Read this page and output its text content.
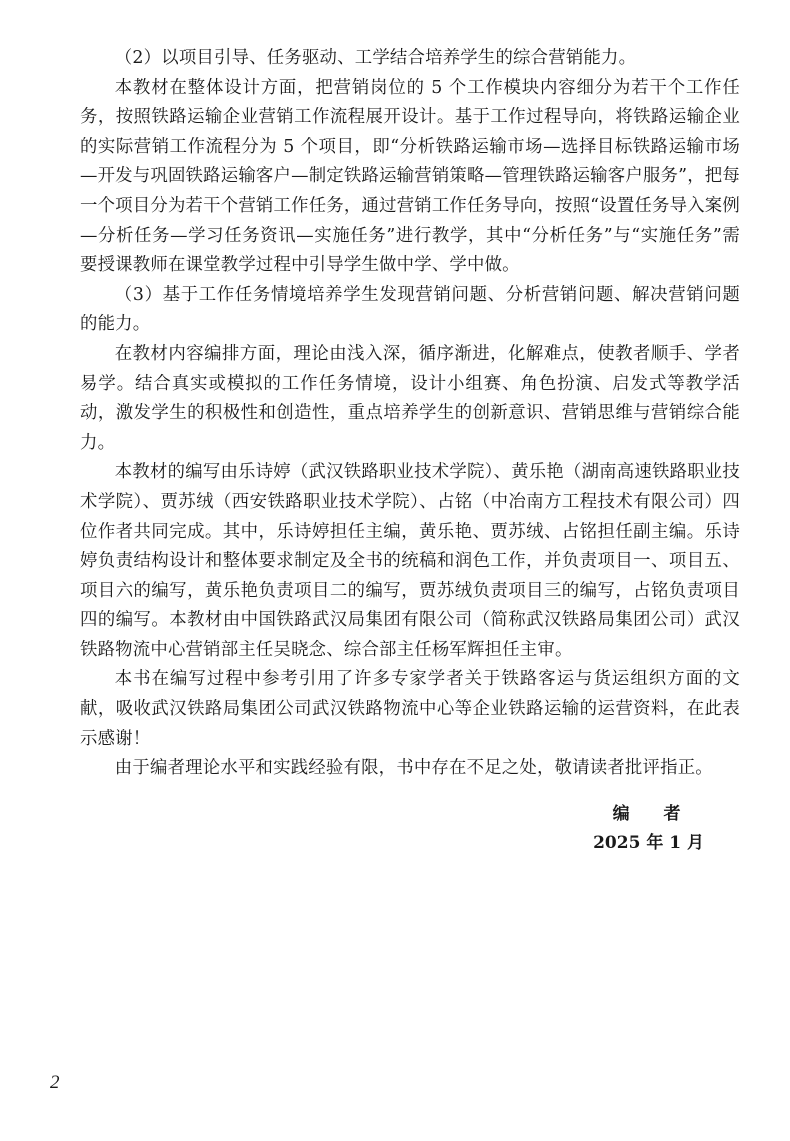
（2）以项目引导、任务驱动、工学结合培养学生的综合营销能力。

本教材在整体设计方面，把营销岗位的 5 个工作模块内容细分为若干个工作任务，按照铁路运输企业营销工作流程展开设计。基于工作过程导向，将铁路运输企业的实际营销工作流程分为 5 个项目，即“分析铁路运输市场—选择目标铁路运输市场—开发与巩固铁路运输客户—制定铁路运输营销策略—管理铁路运输客户服务”，把每一个项目分为若干个营销工作任务，通过营销工作任务导向，按照“设置任务导入案例—分析任务—学习任务资讯—实施任务”进行教学，其中“分析任务”与“实施任务”需要授课教师在课堂教学过程中引导学生做中学、学中做。

（3）基于工作任务情境培养学生发现营销问题、分析营销问题、解决营销问题的能力。

在教材内容编排方面，理论由浅入深，循序渐进，化解难点，使教者顺手、学者易学。结合真实或模拟的工作任务情境，设计小组赛、角色扮演、启发式等教学活动，激发学生的积极性和创造性，重点培养学生的创新意识、营销思维与营销综合能力。

本教材的编写由乐诗婷（武汉铁路职业技术学院）、黄乐艳（湖南高速铁路职业技术学院）、贾苏绒（西安铁路职业技术学院）、占铭（中冶南方工程技术有限公司）四位作者共同完成。其中，乐诗婷担任主编，黄乐艳、贾苏绒、占铭担任副主编。乐诗婷负责结构设计和整体要求制定及全书的统稿和润色工作，并负责项目一、项目五、项目六的编写，黄乐艳负责项目二的编写，贾苏绒负责项目三的编写，占铭负责项目四的编写。本教材由中国铁路武汉局集团有限公司（简称武汉铁路局集团公司）武汉铁路物流中心营销部主任吴晓念、综合部主任杨军辉担任主审。

本书在编写过程中参考引用了许多专家学者关于铁路客运与货运组织方面的文献，吸收武汉铁路局集团公司武汉铁路物流中心等企业铁路运输的运营资料，在此表示感谢！

由于编者理论水平和实践经验有限，书中存在不足之处，敬请读者批评指正。

编 者
2025 年 1 月
2
